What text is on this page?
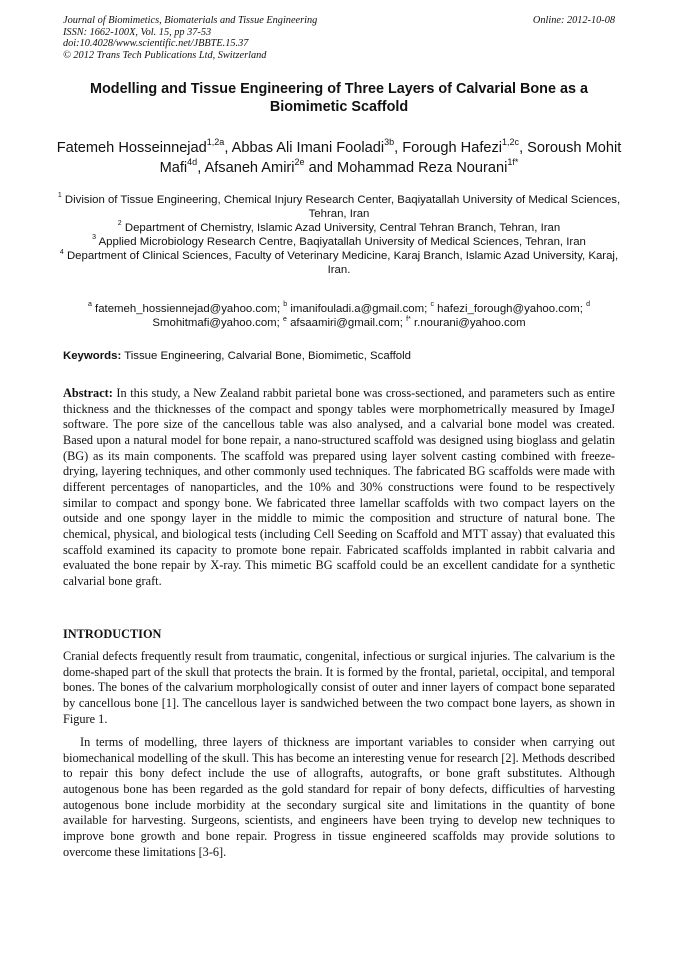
Journal of Biomimetics, Biomaterials and Tissue Engineering
ISSN: 1662-100X, Vol. 15, pp 37-53
doi:10.4028/www.scientific.net/JBBTE.15.37
© 2012 Trans Tech Publications Ltd, Switzerland
Online: 2012-10-08
Modelling and Tissue Engineering of Three Layers of Calvarial Bone as a Biomimetic Scaffold
Fatemeh Hosseinnejad$^{1,2a}$, Abbas Ali Imani Fooladi$^{3b}$, Forough Hafezi$^{1,2c}$, Soroush Mohit Mafi$^{4d}$, Afsaneh Amiri$^{2e}$ and Mohammad Reza Nourani$^{1f*}$
$^1$ Division of Tissue Engineering, Chemical Injury Research Center, Baqiyatallah University of Medical Sciences, Tehran, Iran
$^2$ Department of Chemistry, Islamic Azad University, Central Tehran Branch, Tehran, Iran
$^3$ Applied Microbiology Research Centre, Baqiyatallah University of Medical Sciences, Tehran, Iran
$^4$ Department of Clinical Sciences, Faculty of Veterinary Medicine, Karaj Branch, Islamic Azad University, Karaj, Iran.
$^a$ fatemeh_hossiennejad@yahoo.com; $^b$ imanifouladi.a@gmail.com; $^c$ hafezi_forough@yahoo.com; $^d$ Smohitmafi@yahoo.com; $^e$ afsaamiri@gmail.com; $^{f*}$ r.nourani@yahoo.com
Keywords: Tissue Engineering, Calvarial Bone, Biomimetic, Scaffold
Abstract: In this study, a New Zealand rabbit parietal bone was cross-sectioned, and parameters such as entire thickness and the thicknesses of the compact and spongy tables were morphometrically measured by ImageJ software. The pore size of the cancellous table was also analysed, and a calvarial bone model was created. Based upon a natural model for bone repair, a nano-structured scaffold was designed using bioglass and gelatin (BG) as its main components. The scaffold was prepared using layer solvent casting combined with freeze-drying, layering techniques, and other commonly used techniques. The fabricated BG scaffolds were made with different percentages of nanoparticles, and the 10% and 30% constructions were found to be respectively similar to compact and spongy bone. We fabricated three lamellar scaffolds with two compact layers on the outside and one spongy layer in the middle to mimic the composition and structure of natural bone. The chemical, physical, and biological tests (including Cell Seeding on Scaffold and MTT assay) that evaluated this scaffold examined its capacity to promote bone repair. Fabricated scaffolds implanted in rabbit calvaria and evaluated the bone repair by X-ray. This mimetic BG scaffold could be an excellent candidate for a synthetic calvarial bone graft.
INTRODUCTION
Cranial defects frequently result from traumatic, congenital, infectious or surgical injuries. The calvarium is the dome-shaped part of the skull that protects the brain. It is formed by the frontal, parietal, occipital, and temporal bones. The bones of the calvarium morphologically consist of outer and inner layers of compact bone separated by cancellous bone [1]. The cancellous layer is sandwiched between the two compact bone layers, as shown in Figure 1.
In terms of modelling, three layers of thickness are important variables to consider when carrying out biomechanical modelling of the skull. This has become an interesting venue for research [2]. Methods described to repair this bony defect include the use of allografts, autografts, or bone graft substitutes. Although autogenous bone has been regarded as the gold standard for repair of bony defects, difficulties of harvesting autogenous bone include morbidity at the secondary surgical site and limitations in the quantity of bone available for harvesting. Surgeons, scientists, and engineers have been trying to develop new techniques to improve bone growth and bone repair. Progress in tissue engineered scaffolds may provide solutions to overcome these limitations [3-6].
